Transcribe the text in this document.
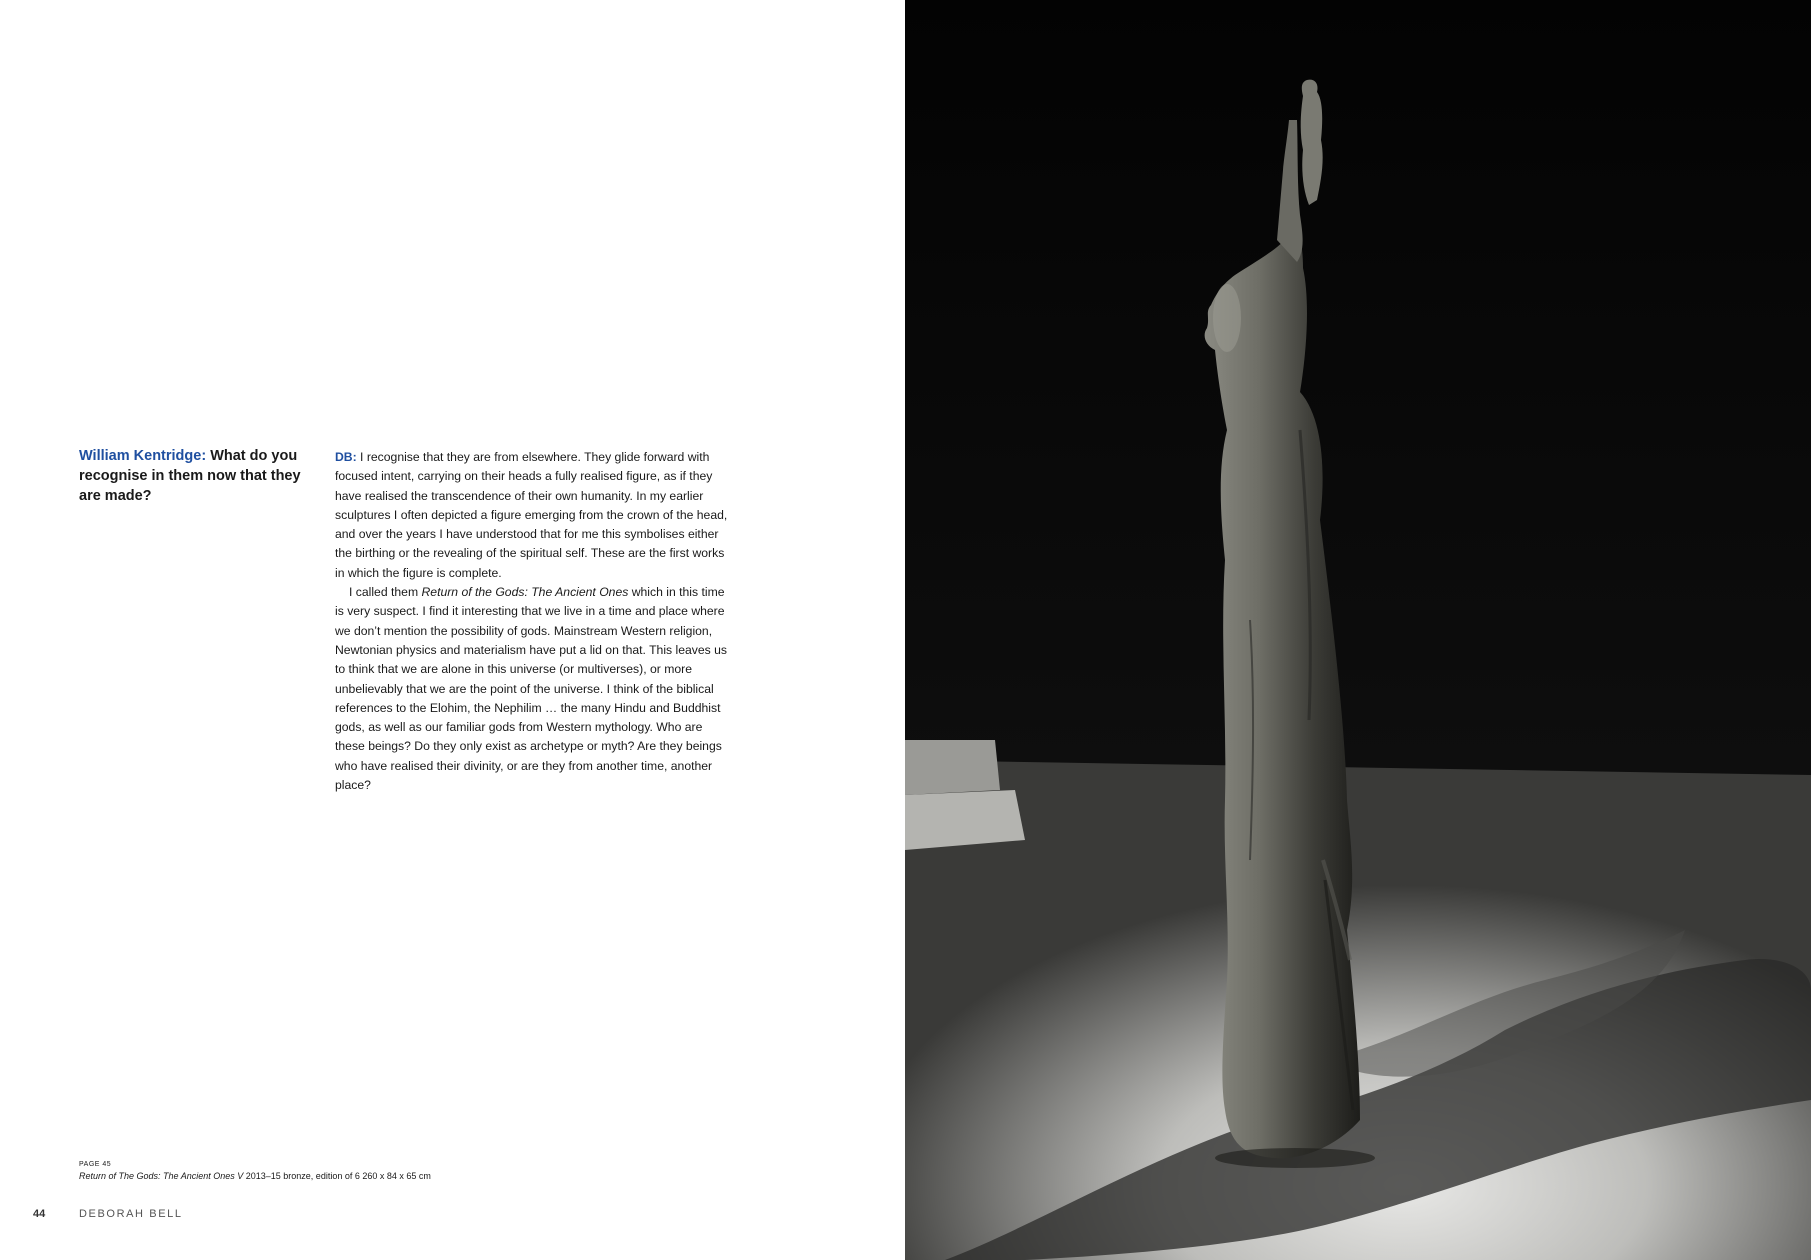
William Kentridge: What do you recognise in them now that they are made?

DB: I recognise that they are from elsewhere. They glide forward with focused intent, carrying on their heads a fully realised figure, as if they have realised the transcendence of their own humanity. In my earlier sculptures I often depicted a figure emerging from the crown of the head, and over the years I have understood that for me this symbolises either the birthing or the revealing of the spiritual self. These are the first works in which the figure is complete.

I called them Return of the Gods: The Ancient Ones which in this time is very suspect. I find it interesting that we live in a time and place where we don’t mention the possibility of gods. Mainstream Western religion, Newtonian physics and materialism have put a lid on that. This leaves us to think that we are alone in this universe (or multiverses), or more unbelievably that we are the point of the universe. I think of the biblical references to the Elohim, the Nephilim … the many Hindu and Buddhist gods, as well as our familiar gods from Western mythology. Who are these beings? Do they only exist as archetype or myth? Are they beings who have realised their divinity, or are they from another time, another place?

PAGE 45
Return of The Gods: The Ancient Ones V 2013–15 bronze, edition of 6 260 x 84 x 65 cm
44	DEBORAH BELL
